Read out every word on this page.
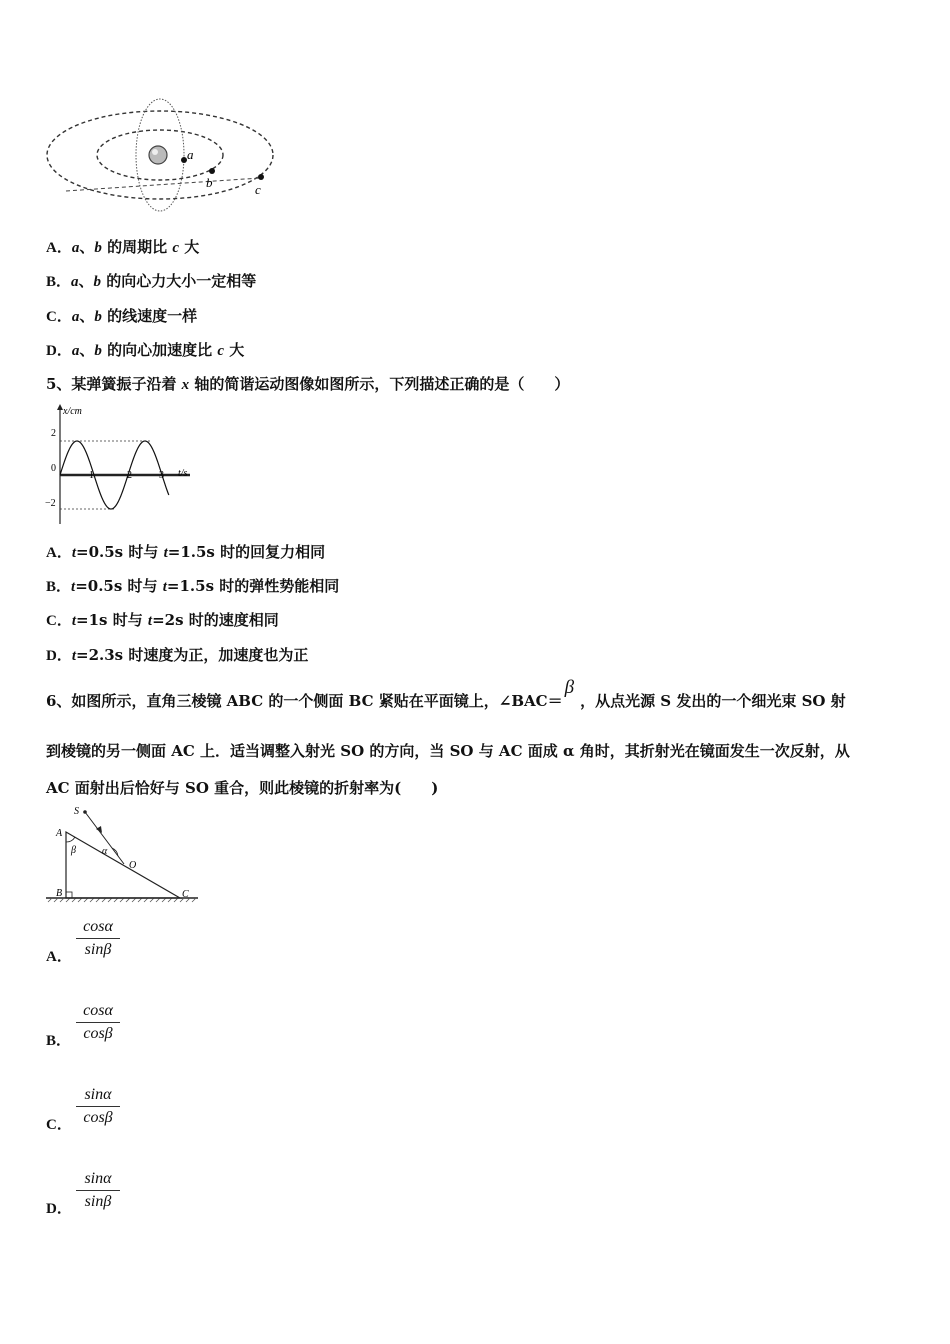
a
b	c
A．a、b 的周期比 c 大
B．a、b 的向心力大小一定相等
C．a、b 的线速度一样
D．a、b 的向心加速度比 c 大
5、某弹簧振子沿着 x 轴的简谐运动图像如图所示，下列描述正确的是（　　）
x/cm
t/s
2
0
−2
1	2	3
A．t=0.5s 时与 t=1.5s 时的回复力相同
B．t=0.5s 时与 t=1.5s 时的弹性势能相同
C．t=1s 时与 t=2s 时的速度相同
D．t=2.3s 时速度为正，加速度也为正
6、如图所示，直角三棱镜 ABC 的一个侧面 BC 紧贴在平面镜上，∠BAC＝β，从点光源 S 发出的一个细光束 SO 射
到棱镜的另一侧面 AC 上．适当调整入射光 SO 的方向，当 SO 与 AC 面成 α 角时，其折射光在镜面发生一次反射，从
AC 面射出后恰好与 SO 重合，则此棱镜的折射率为(　　)
S
A
β	α
O
B	C
A． $\frac{\cos\alpha}{\sin\beta}$
B． $\frac{\cos\alpha}{\cos\beta}$
C． $\frac{\sin\alpha}{\cos\beta}$
D． $\frac{\sin\alpha}{\sin\beta}$
